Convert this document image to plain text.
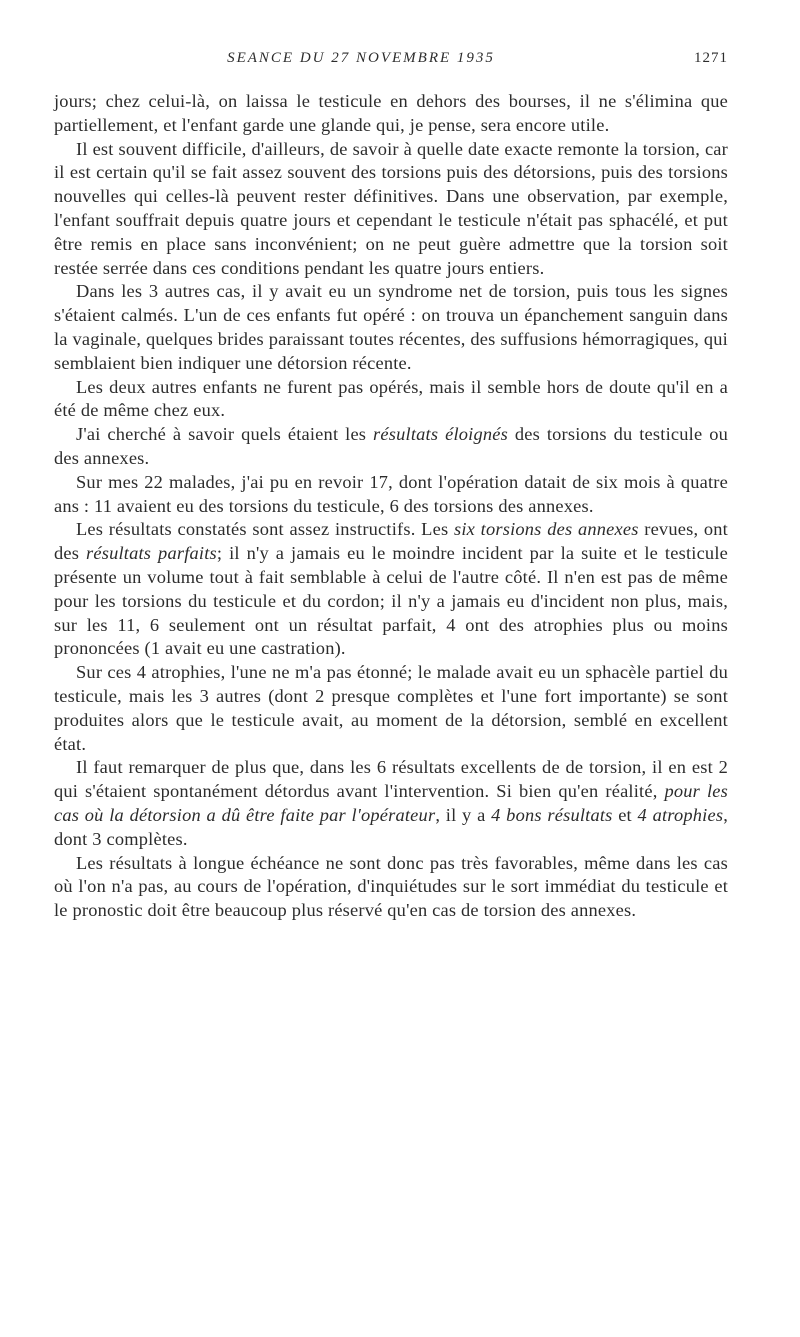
SEANCE DU 27 NOVEMBRE 1935	1271

jours; chez celui-là, on laissa le testicule en dehors des bourses, il ne s'élimina que partiellement, et l'enfant garde une glande qui, je pense, sera encore utile.

Il est souvent difficile, d'ailleurs, de savoir à quelle date exacte remonte la torsion, car il est certain qu'il se fait assez souvent des torsions puis des détorsions, puis des torsions nouvelles qui celles-là peuvent rester définitives. Dans une observation, par exemple, l'enfant souffrait depuis quatre jours et cependant le testicule n'était pas sphacélé, et put être remis en place sans inconvénient; on ne peut guère admettre que la torsion soit restée serrée dans ces conditions pendant les quatre jours entiers.

Dans les 3 autres cas, il y avait eu un syndrome net de torsion, puis tous les signes s'étaient calmés. L'un de ces enfants fut opéré : on trouva un épanchement sanguin dans la vaginale, quelques brides paraissant toutes récentes, des suffusions hémorragiques, qui semblaient bien indiquer une détorsion récente.

Les deux autres enfants ne furent pas opérés, mais il semble hors de doute qu'il en a été de même chez eux.

J'ai cherché à savoir quels étaient les résultats éloignés des torsions du testicule ou des annexes.

Sur mes 22 malades, j'ai pu en revoir 17, dont l'opération datait de six mois à quatre ans : 11 avaient eu des torsions du testicule, 6 des torsions des annexes.

Les résultats constatés sont assez instructifs. Les six torsions des annexes revues, ont des résultats parfaits; il n'y a jamais eu le moindre incident par la suite et le testicule présente un volume tout à fait semblable à celui de l'autre côté. Il n'en est pas de même pour les torsions du testicule et du cordon; il n'y a jamais eu d'incident non plus, mais, sur les 11, 6 seulement ont un résultat parfait, 4 ont des atrophies plus ou moins prononcées (1 avait eu une castration).

Sur ces 4 atrophies, l'une ne m'a pas étonné; le malade avait eu un sphacèle partiel du testicule, mais les 3 autres (dont 2 presque complètes et l'une fort importante) se sont produites alors que le testicule avait, au moment de la détorsion, semblé en excellent état.

Il faut remarquer de plus que, dans les 6 résultats excellents de de torsion, il en est 2 qui s'étaient spontanément détordus avant l'intervention. Si bien qu'en réalité, pour les cas où la détorsion a dû être faite par l'opérateur, il y a 4 bons résultats et 4 atrophies, dont 3 complètes.

Les résultats à longue échéance ne sont donc pas très favorables, même dans les cas où l'on n'a pas, au cours de l'opération, d'inquiétudes sur le sort immédiat du testicule et le pronostic doit être beaucoup plus réservé qu'en cas de torsion des annexes.
